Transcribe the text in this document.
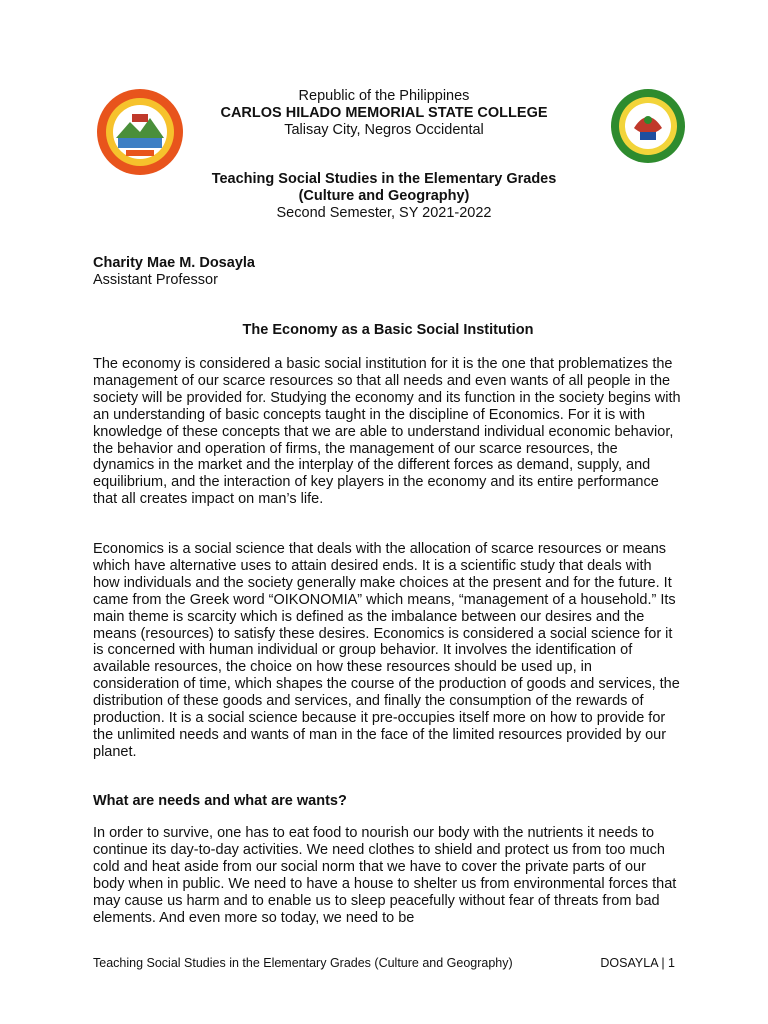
Republic of the Philippines
CARLOS HILADO MEMORIAL STATE COLLEGE
Talisay City, Negros Occidental
Teaching Social Studies in the Elementary Grades
(Culture and Geography)
Second Semester, SY 2021-2022
Charity Mae M. Dosayla
Assistant Professor
The Economy as a Basic Social Institution

The economy is considered a basic social institution for it is the one that problematizes the management of our scarce resources so that all needs and even wants of all people in the society will be provided for. Studying the economy and its function in the society begins with an understanding of basic concepts taught in the discipline of Economics. For it is with knowledge of these concepts that we are able to understand individual economic behavior, the behavior and operation of firms, the management of our scarce resources, the dynamics in the market and the interplay of the different forces as demand, supply, and equilibrium, and the interaction of key players in the economy and its entire performance that all creates impact on man’s life.

Economics is a social science that deals with the allocation of scarce resources or means which have alternative uses to attain desired ends. It is a scientific study that deals with how individuals and the society generally make choices at the present and for the future. It came from the Greek word “OIKONOMIA” which means, “management of a household.” Its main theme is scarcity which is defined as the imbalance between our desires and the means (resources) to satisfy these desires. Economics is considered a social science for it is concerned with human individual or group behavior. It involves the identification of available resources, the choice on how these resources should be used up, in consideration of time, which shapes the course of the production of goods and services, the distribution of these goods and services, and finally the consumption of the rewards of production. It is a social science because it pre-occupies itself more on how to provide for the unlimited needs and wants of man in the face of the limited resources provided by our planet.

What are needs and what are wants?

In order to survive, one has to eat food to nourish our body with the nutrients it needs to continue its day-to-day activities. We need clothes to shield and protect us from too much cold and heat aside from our social norm that we have to cover the private parts of our body when in public. We need to have a house to shelter us from environmental forces that may cause us harm and to enable us to sleep peacefully without fear of threats from bad elements. And even more so today, we need to be

Teaching Social Studies in the Elementary Grades (Culture and Geography)	DOSAYLA | 1
